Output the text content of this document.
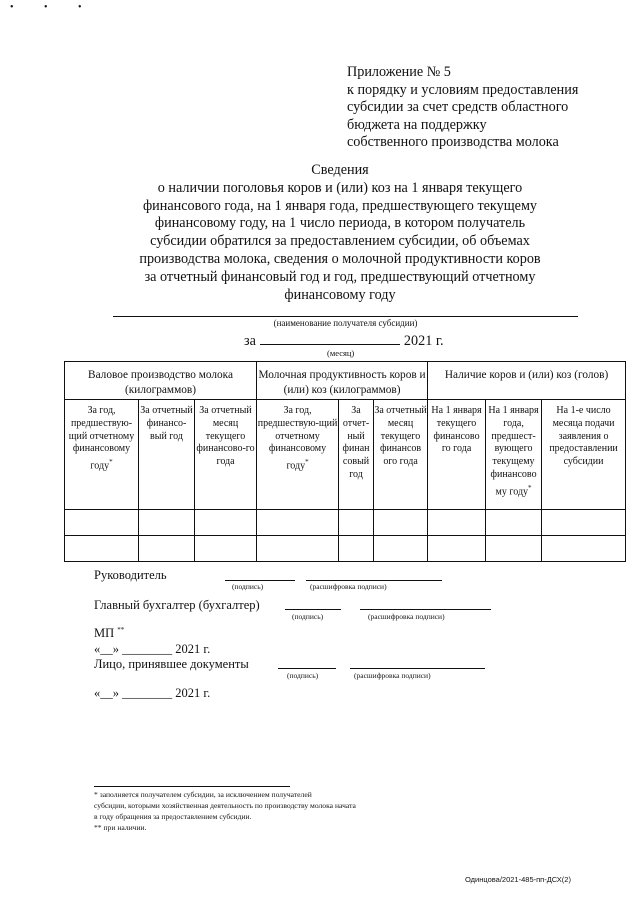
• • •
Приложение № 5
к порядку и условиям предоставления
субсидии за счет средств областного
бюджета на поддержку
собственного производства молока
Сведения
о наличии поголовья коров и (или) коз на 1 января текущего
финансового года, на 1 января года, предшествующего текущему
финансовому году, на 1 число периода, в котором получатель
субсидии обратился за предоставлением субсидии, об объемах
производства молока, сведения о молочной продуктивности коров
за отчетный финансовый год и год, предшествующий отчетному
финансовому году
(наименование получателя субсидии)
за	2021 г.
(месяц)
Валовое производство молока (килограммов)			Молочная продуктивность коров и (или) коз (килограммов)			Наличие коров и (или) коз (голов)		
За год, предшествую-щий отчетному финансовому году*	За отчетный финансо-вый год	За отчетный месяц текущего финансово-го года	За год, предшествую-щий отчетному финансовому году*	За отчет-ный финан совый год	За отчетный месяц текущего финансов ого года	На 1 января текущего финансово го года	На 1 января года, предшест-вующего текущему финансово му году*	На 1-е число месяца подачи заявления о предоставлении субсидии

Руководитель
(подпись)	(расшифровка подписи)
Главный бухгалтер (бухгалтер)
(подпись)	(расшифровка подписи)
МП **
«__» ________ 2021 г.
Лицо, принявшее документы
(подпись)	(расшифровка подписи)
«__» ________ 2021 г.
* заполняется получателем субсидии, за исключением получателей
субсидии, которыми хозяйственная деятельность по производству молока начата
в году обращения за предоставлением субсидии.
** при наличии.
Одинцова/2021-485-пп-ДСХ(2)
